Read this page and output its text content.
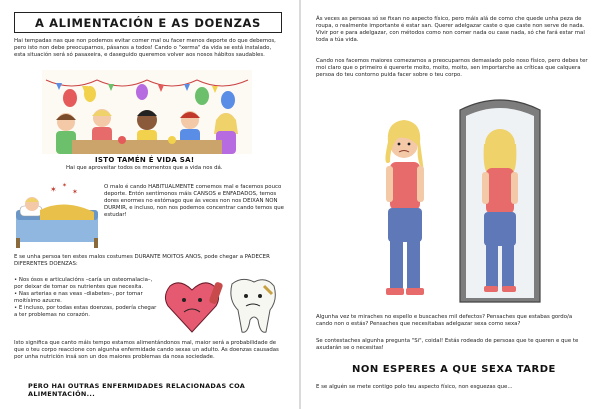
A ALIMENTACIÓN E AS DOENZAS
Hai tempadas nas que non podemos evitar comer mal ou facer menos deporte do que debemos, pero isto non debe preocuparnos, pásanos a todos! Cando o "xerma" da vida se está instalado, esta situación será só pasaxeira, e daseguido queremos volver aos nosos hábitos saudables.
ISTO TAMÉN É VIDA SA!
Hai que aproveitar todos os momentos que a vida nos dá.
✶ ✶
✶
O malo é cando HABITUALMENTE comemos mal e facemos pouco deporte. Entón sentímonos máis CANSOS e ENFADADOS, temos dores enormes no estómago que ás veces non nos DEIXAN NON DURMIR, e incluso, non nos podemos concentrar cando temos que estudar!
E se unha persoa ten estes malos costumes DURANTE MOITOS ANOS, pode chegar a PADECER DIFERENTES DOENZAS:
• Nos ósos e articulacións –caría un osteomalacia–, por deixar de tomar os nutrientes que necesita.
• Nas arterias e nas veas –diabetes–, por tomar moitísimo azucre.
• E incluso, por todas estas doenzas, podería chegar a ter problemas no corazón.
Isto significa que canto máis tempo estamos alimentándonos mal, maior será a probabilidade de que o teu corpo reaccione con algunha enfermidade cando sexas un adulto. As doenzas causadas por unha nutrición insá son un dos maiores problemas da nosa sociedade.
PERO HAI OUTRAS ENFERMIDADES RELACIONADAS COA ALIMENTACIÓN...
Ás veces as persoas só se fixan no aspecto físico, pero máis alá de como che quede unha peza de roupa, o realmente importante é estar san. Querer adelgazar caste o que caste non serve de nada. Vivir por e para adelgazar, con métodos como non comer nada ou case nada, só che fará estar mal toda a túa vida.
Cando nos facemos maiores comezamos a preocuparnos demasiado polo noso físico, pero debes ter moi claro que o primeiro é quererte moito, moito, moito, sen importarche as críticas que calquera persoa do teu contorno puida facer sobre o teu corpo.
Algunha vez te miraches no espello e buscaches mil defectos? Pensaches que estabas gordo/a cando non o estás? Pensaches que necesitabas adelgazar sexa como sexa?
Se contestaches algunha pregunta "Si", coidal! Estás rodeado de persoas que te queren e que te axudarán se o necesitas!
NON ESPERES A QUE SEXA TARDE
E se alguén se mete contigo polo teu aspecto físico, non esguezas que...
